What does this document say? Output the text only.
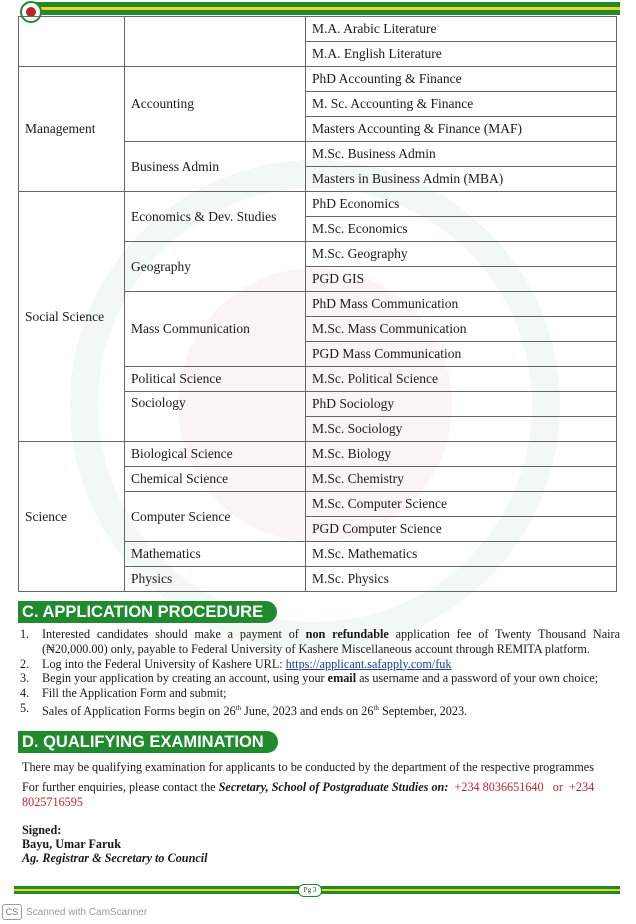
		M.A. Arabic Literature
		M.A. English Literature
Management	Accounting	PhD Accounting & Finance
		M. Sc. Accounting & Finance
		Masters Accounting & Finance (MAF)
	Business Admin	M.Sc. Business Admin
		Masters in Business Admin (MBA)
Social Science	Economics & Dev. Studies	PhD Economics
		M.Sc. Economics
	Geography	M.Sc. Geography
		PGD GIS
	Mass Communication	PhD Mass Communication
		M.Sc. Mass Communication
		PGD Mass Communication
	Political Science	M.Sc. Political Science
	Sociology	PhD Sociology
		M.Sc. Sociology
Science	Biological Science	M.Sc. Biology
	Chemical Science	M.Sc. Chemistry
	Computer Science	M.Sc. Computer Science
		PGD Computer Science
	Mathematics	M.Sc. Mathematics
	Physics	M.Sc. Physics
C. APPLICATION PROCEDURE
1. Interested candidates should make a payment of non refundable application fee of Twenty Thousand Naira (₦20,000.00) only, payable to Federal University of Kashere Miscellaneous account through REMITA platform.
2. Log into the Federal University of Kashere URL: https://applicant.safapply.com/fuk
3. Begin your application by creating an account, using your email as username and a password of your own choice;
4. Fill the Application Form and submit;
5. Sales of Application Forms begin on 26th June, 2023 and ends on 26th September, 2023.
D. QUALIFYING EXAMINATION
There may be qualifying examination for applicants to be conducted by the department of the respective programmes
For further enquiries, please contact the Secretary, School of Postgraduate Studies on: +234 8036651640 or +234 8025716595
Signed:
Bayu, Umar Faruk
Ag. Registrar & Secretary to Council
Pg 3
CS Scanned with CamScanner
